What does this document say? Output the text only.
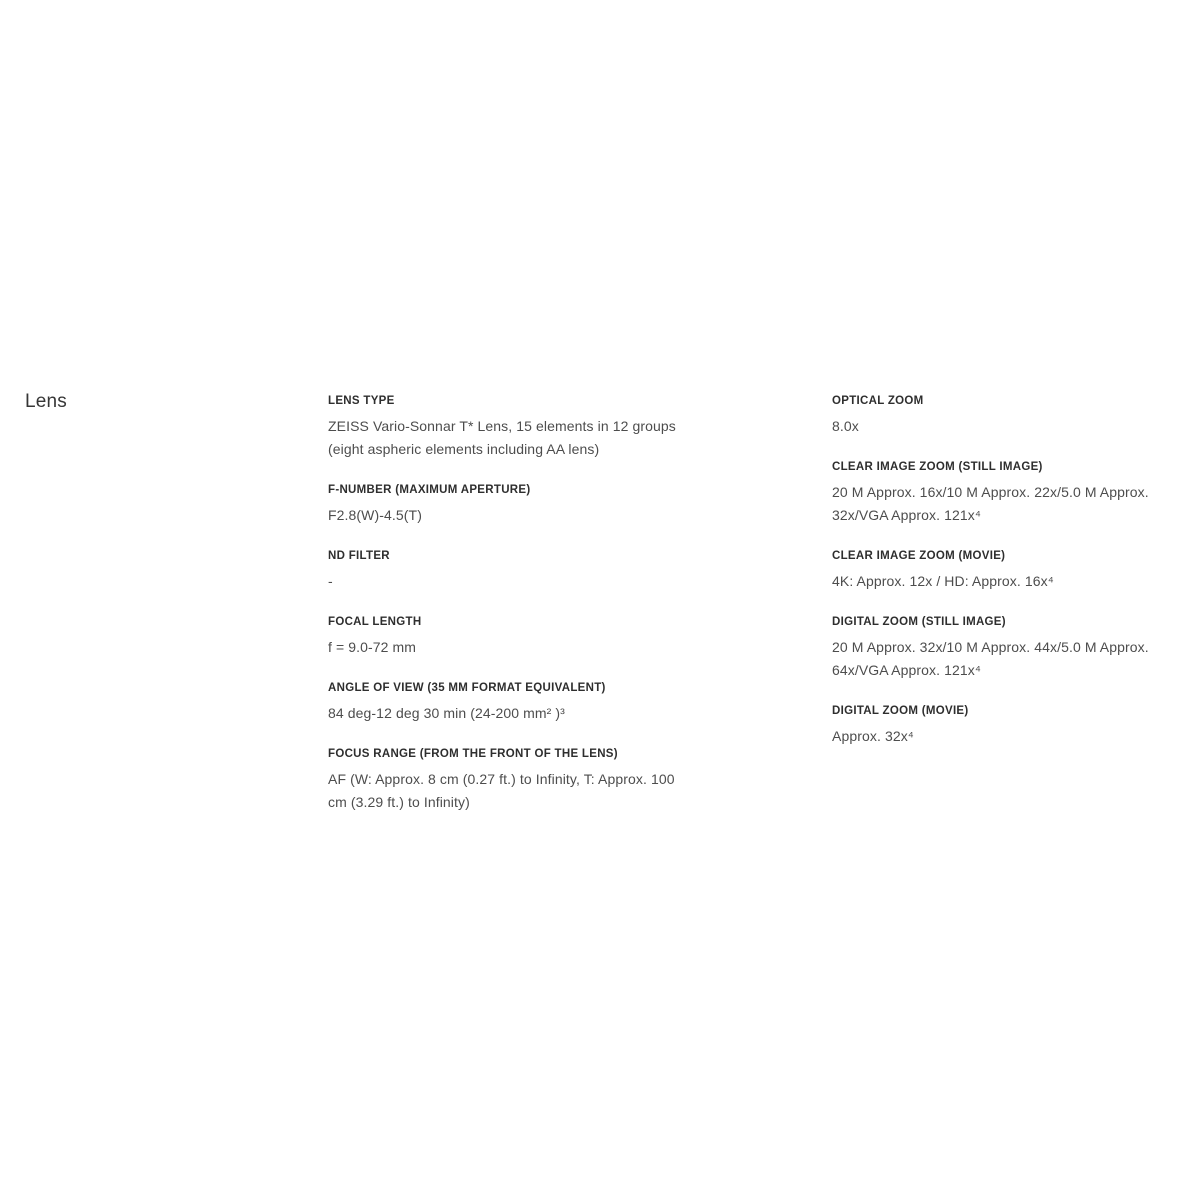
Lens	LENS TYPE

ZEISS Vario-Sonnar T* Lens, 15 elements in 12 groups (eight aspheric elements including AA lens)

F-NUMBER (MAXIMUM APERTURE)

F2.8(W)-4.5(T)

ND FILTER

-

FOCAL LENGTH

f = 9.0-72 mm

ANGLE OF VIEW (35 MM FORMAT EQUIVALENT)

84 deg-12 deg 30 min (24-200 mm² )³

FOCUS RANGE (FROM THE FRONT OF THE LENS)

AF (W: Approx. 8 cm (0.27 ft.) to Infinity, T: Approx. 100 cm (3.29 ft.) to Infinity)

OPTICAL ZOOM

8.0x

CLEAR IMAGE ZOOM (STILL IMAGE)

20 M Approx. 16x/10 M Approx. 22x/5.0 M Approx. 32x/VGA Approx. 121x⁴

CLEAR IMAGE ZOOM (MOVIE)

4K: Approx. 12x / HD: Approx. 16x⁴

DIGITAL ZOOM (STILL IMAGE)

20 M Approx. 32x/10 M Approx. 44x/5.0 M Approx. 64x/VGA Approx. 121x⁴

DIGITAL ZOOM (MOVIE)

Approx. 32x⁴
